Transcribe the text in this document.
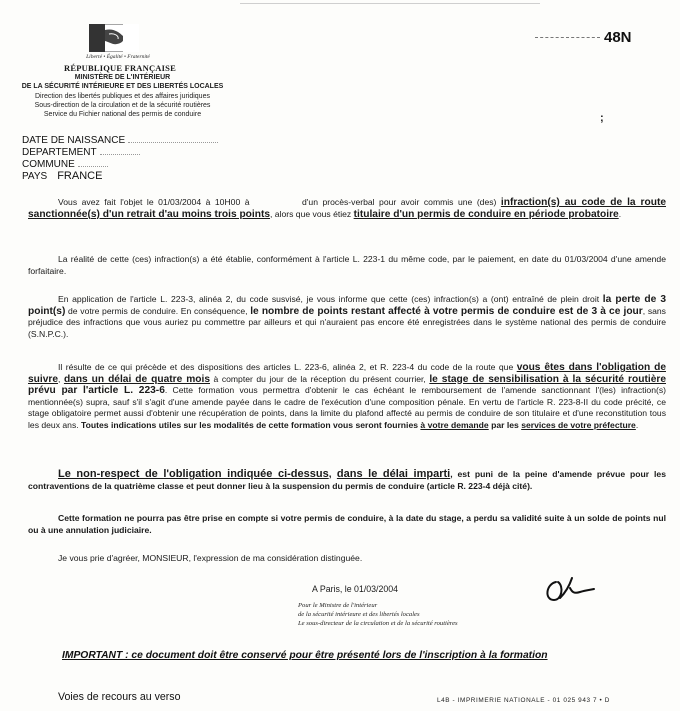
Liberté • Égalité • Fraternité
RÉPUBLIQUE FRANÇAISE
MINISTÈRE DE L'INTÉRIEUR
DE LA SÉCURITÉ INTÉRIEURE ET DES LIBERTÉS LOCALES
Direction des libertés publiques et des affaires juridiques
Sous-direction de la circulation et de la sécurité routières
Service du Fichier national des permis de conduire
48N
;
DATE DE NAISSANCE
DEPARTEMENT
COMMUNE
PAYS FRANCE
Vous avez fait l'objet le 01/03/2004 à 10H00 à	d'un procès-verbal pour avoir commis une (des) infraction(s) au code de la route sanctionnée(s) d'un retrait d'au moins trois points, alors que vous étiez titulaire d'un permis de conduire en période probatoire.
La réalité de cette (ces) infraction(s) a été établie, conformément à l'article L. 223-1 du même code, par le paiement, en date du 01/03/2004 d'une amende forfaitaire.
En application de l'article L. 223-3, alinéa 2, du code susvisé, je vous informe que cette (ces) infraction(s) a (ont) entraîné de plein droit la perte de 3 point(s) de votre permis de conduire. En conséquence, le nombre de points restant affecté à votre permis de conduire est de 3 à ce jour, sans préjudice des infractions que vous auriez pu commettre par ailleurs et qui n'auraient pas encore été enregistrées dans le système national des permis de conduire (S.N.P.C.).
Il résulte de ce qui précède et des dispositions des articles L. 223-6, alinéa 2, et R. 223-4 du code de la route que vous êtes dans l'obligation de suivre, dans un délai de quatre mois à compter du jour de la réception du présent courrier, le stage de sensibilisation à la sécurité routière prévu par l'article L. 223-6. Cette formation vous permettra d'obtenir le cas échéant le remboursement de l'amende sanctionnant l'(les) infraction(s) mentionnée(s) supra, sauf s'il s'agit d'une amende payée dans le cadre de l'exécution d'une composition pénale. En vertu de l'article R. 223-8-II du code précité, ce stage obligatoire permet aussi d'obtenir une récupération de points, dans la limite du plafond affecté au permis de conduire de son titulaire et d'une reconstitution tous les deux ans. Toutes indications utiles sur les modalités de cette formation vous seront fournies à votre demande par les services de votre préfecture.
Le non-respect de l'obligation indiquée ci-dessus, dans le délai imparti, est puni de la peine d'amende prévue pour les contraventions de la quatrième classe et peut donner lieu à la suspension du permis de conduire (article R. 223-4 déjà cité).
Cette formation ne pourra pas être prise en compte si votre permis de conduire, à la date du stage, a perdu sa validité suite à un solde de points nul ou à une annulation judiciaire.
Je vous prie d'agréer, MONSIEUR, l'expression de ma considération distinguée.
A Paris, le 01/03/2004
Pour le Ministre de l'intérieur
de la sécurité intérieure et des libertés locales
Le sous-directeur de la circulation et de la sécurité routières
IMPORTANT : ce document doit être conservé pour être présenté lors de l'inscription à la formation
Voies de recours au verso	L4B - IMPRIMERIE NATIONALE - 01 025 943 7 • D
